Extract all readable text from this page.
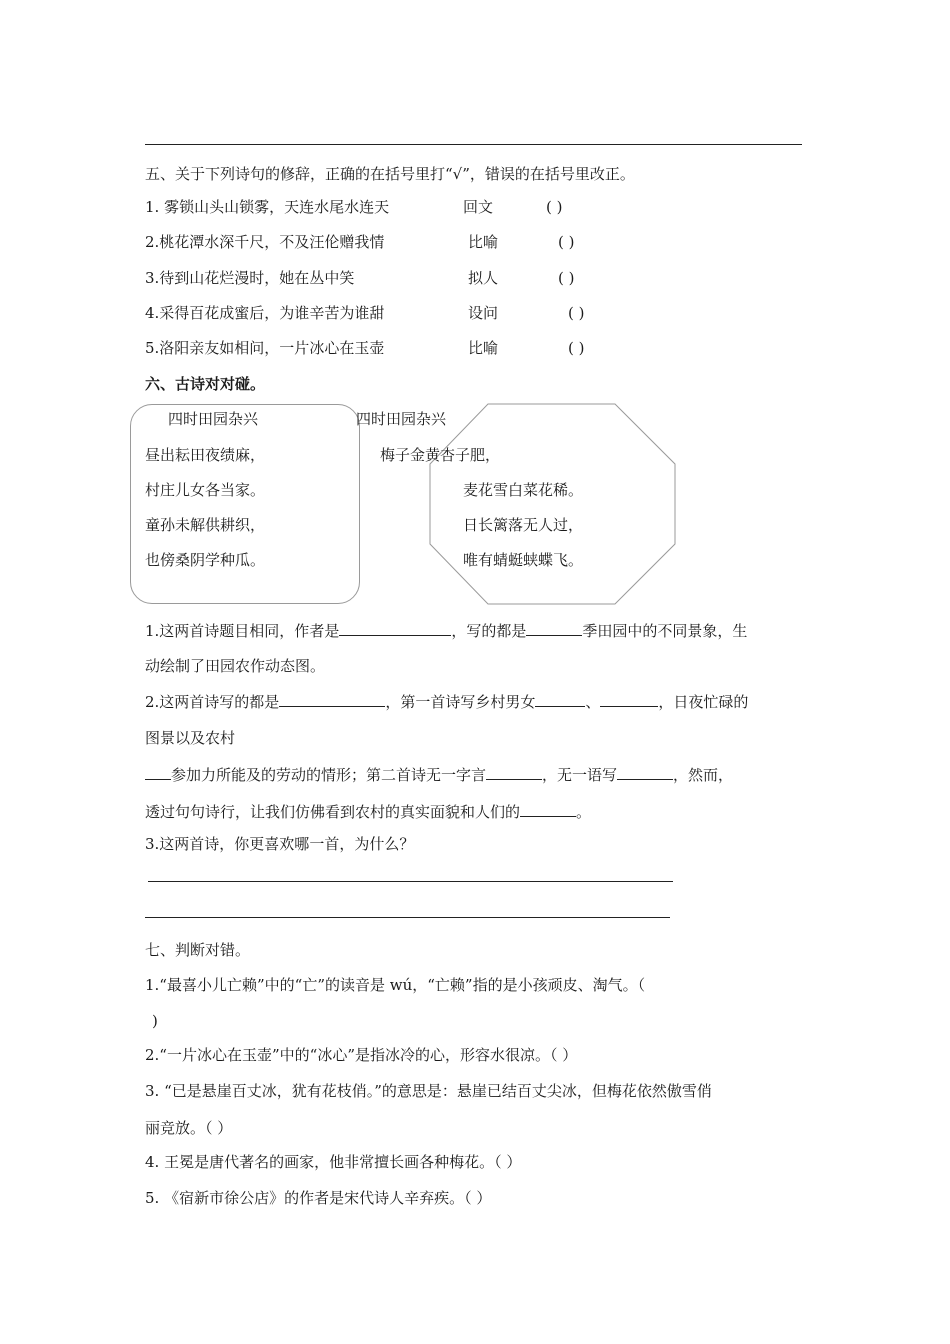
五、关于下列诗句的修辞，正确的在括号里打“√”，错误的在括号里改正。
1. 雾锁山头山锁雾，天连水尾水连天	回文	( )
2.桃花潭水深千尺，不及汪伦赠我情	比喻	( )
3.待到山花烂漫时，她在丛中笑	拟人	( )
4.采得百花成蜜后，为谁辛苦为谁甜	设问	( )
5.洛阳亲友如相问，一片冰心在玉壶	比喻	( )
六、古诗对对碰。
四时田园杂兴
昼出耘田夜绩麻，
村庄儿女各当家。
童孙未解供耕织，
也傍桑阴学种瓜。
四时田园杂兴
梅子金黄杏子肥，
麦花雪白菜花稀。
日长篱落无人过，
唯有蜻蜓蛱蝶飞。
1.这两首诗题目相同，作者是	，写的都是	季田园中的不同景象，生
动绘制了田园农作动态图。
2.这两首诗写的都是	，第一首诗写乡村男女	、	，日夜忙碌的
图景以及农村
参加力所能及的劳动的情形；第二首诗无一字言	，无一语写	，然而，
透过句句诗行，让我们仿佛看到农村的真实面貌和人们的	。
3.这两首诗，你更喜欢哪一首，为什么？
七、判断对错。
1.“最喜小儿亡赖”中的“亡”的读音是 wú，“亡赖”指的是小孩顽皮、淘气。（
)
2.“一片冰心在玉壶”中的“冰心”是指冰冷的心，形容水很凉。（ ）
3. “已是悬崖百丈冰，犹有花枝俏。”的意思是：悬崖已结百丈尖冰，但梅花依然傲雪俏
丽竞放。（ ）
4. 王冕是唐代著名的画家，他非常擅长画各种梅花。（ ）
5. 《宿新市徐公店》的作者是宋代诗人辛弃疾。（ ）
